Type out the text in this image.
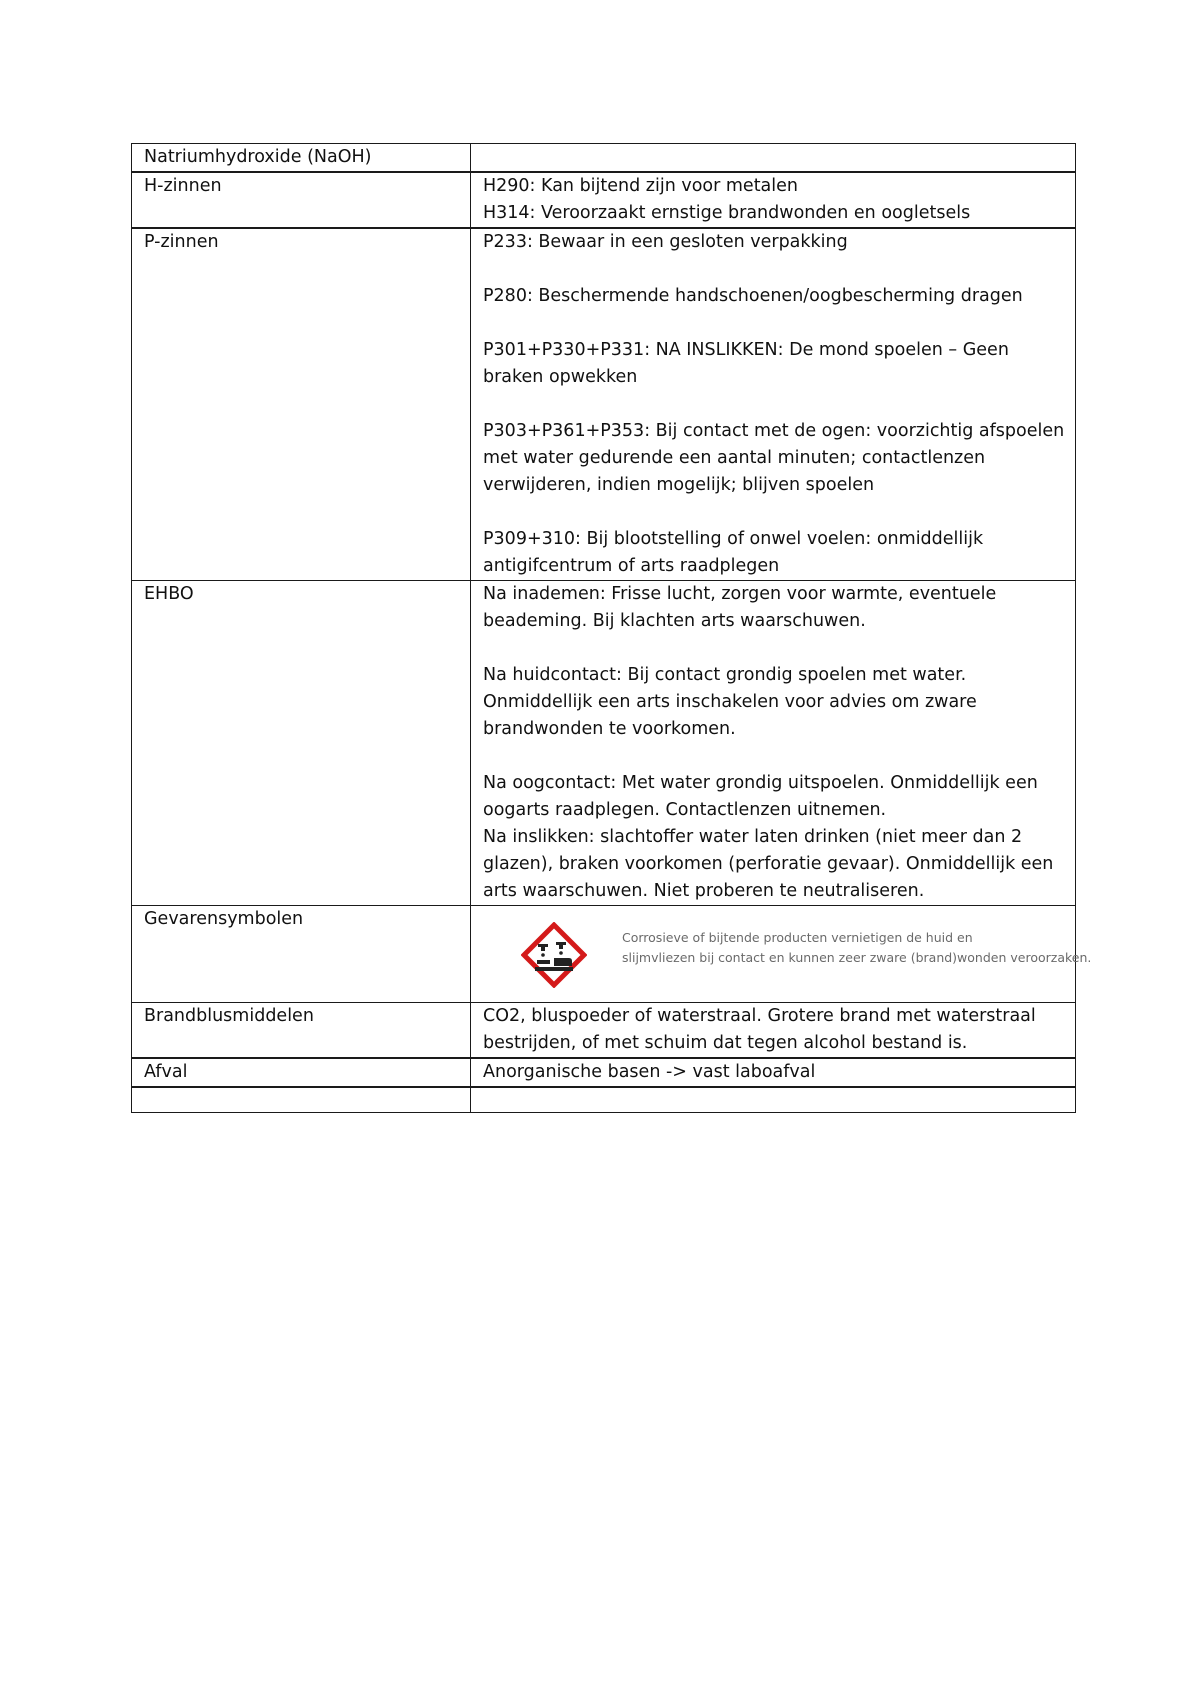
Natriumhydroxide (NaOH)	
H-zinnen	H290: Kan bijtend zijn voor metalen
H314: Veroorzaakt ernstige brandwonden en oogletsels

P-zinnen	P233: Bewaar in een gesloten verpakking
P280: Beschermende handschoenen/oogbescherming dragen
P301+P330+P331: NA INSLIKKEN: De mond spoelen – Geen braken opwekken
P303+P361+P353: Bij contact met de ogen: voorzichtig afspoelen met water gedurende een aantal minuten; contactlenzen verwijderen, indien mogelijk; blijven spoelen
P309+310: Bij blootstelling of onwel voelen: onmiddellijk antigifcentrum of arts raadplegen

EHBO	Na inademen: Frisse lucht, zorgen voor warmte, eventuele beademing. Bij klachten arts waarschuwen.
Na huidcontact: Bij contact grondig spoelen met water. Onmiddellijk een arts inschakelen voor advies om zware brandwonden te voorkomen.
Na oogcontact: Met water grondig uitspoelen. Onmiddellijk een oogarts raadplegen. Contactlenzen uitnemen.
Na inslikken: slachtoffer water laten drinken (niet meer dan 2 glazen), braken voorkomen (perforatie gevaar). Onmiddellijk een arts waarschuwen. Niet proberen te neutraliseren.

Gevarensymbolen	Corrosieve of bijtende producten vernietigen de huid en
slijmvliezen bij contact en kunnen zeer zware (brand)wonden veroorzaken.

Brandblusmiddelen	CO2, bluspoeder of waterstraal. Grotere brand met waterstraal bestrijden, of met schuim dat tegen alcohol bestand is.
Afval	Anorganische basen -> vast laboafval
